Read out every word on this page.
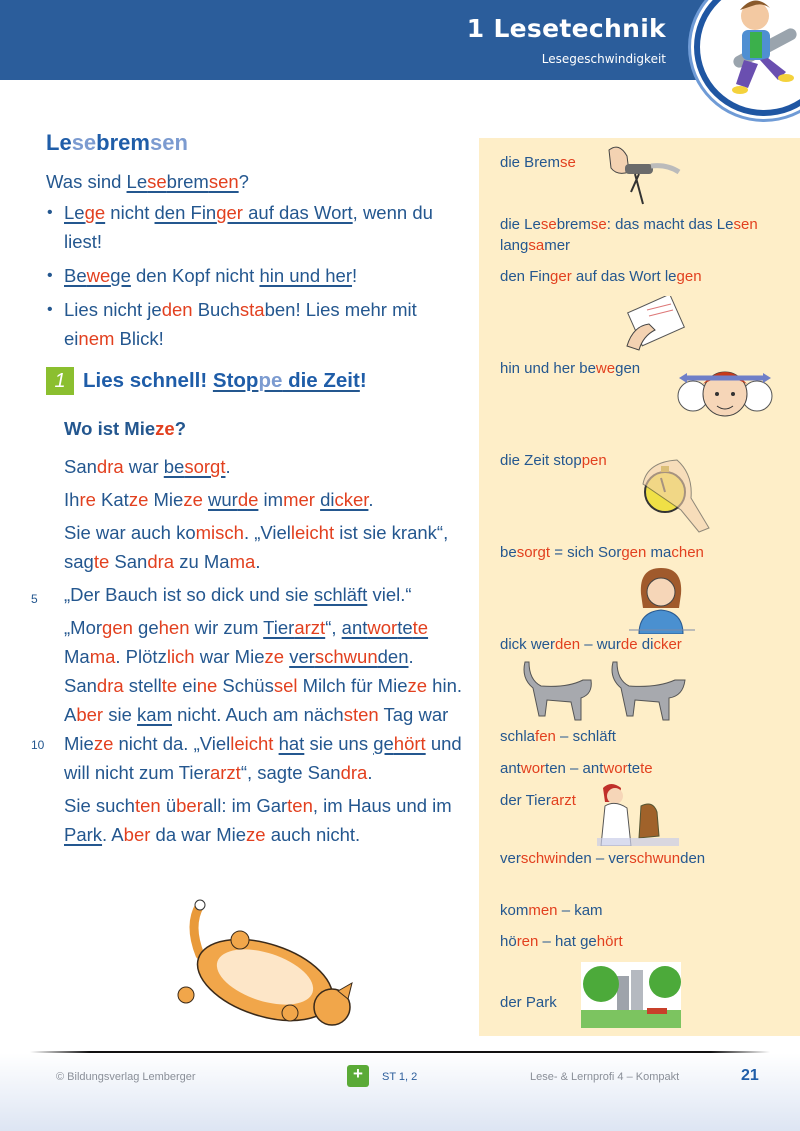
1 Lesetechnik
Lesegeschwindigkeit
Lesebremsen
Was sind Lesebremsen?
• Lege nicht den Finger auf das Wort, wenn du liest!
• Bewege den Kopf nicht hin und her!
• Lies nicht jeden Buchstaben! Lies mehr mit einem Blick!
1 Lies schnell! Stoppe die Zeit!
Wo ist Mieze?

Sandra war besorgt.

Ihre Katze Mieze wurde immer dicker.

Sie war auch komisch. „Vielleicht ist sie krank“, sagte Sandra zu Mama.

„Der Bauch ist so dick und sie schläft viel.“

„Morgen gehen wir zum Tierarzt“, antwortete Mama. Plötzlich war Mieze verschwunden. Sandra stellte eine Schüssel Milch für Mieze hin. Aber sie kam nicht. Auch am nächsten Tag war Mieze nicht da. „Vielleicht hat sie uns gehört und will nicht zum Tierarzt“, sagte Sandra.

Sie suchten überall: im Garten, im Haus und im Park. Aber da war Mieze auch nicht.

5
10
die Bremse
die Lesebremse: das macht das Lesen langsamer
den Finger auf das Wort legen
hin und her bewegen
die Zeit stoppen
besorgt = sich Sorgen machen
dick werden – wurde dicker
schlafen – schläft
antworten – antwortete
der Tierarzt
verschwinden – verschwunden
kommen – kam
hören – hat gehört
der Park
© Bildungsverlag Lemberger	+	ST 1, 2	Lese- & Lernprofi 4 – Kompakt	21
